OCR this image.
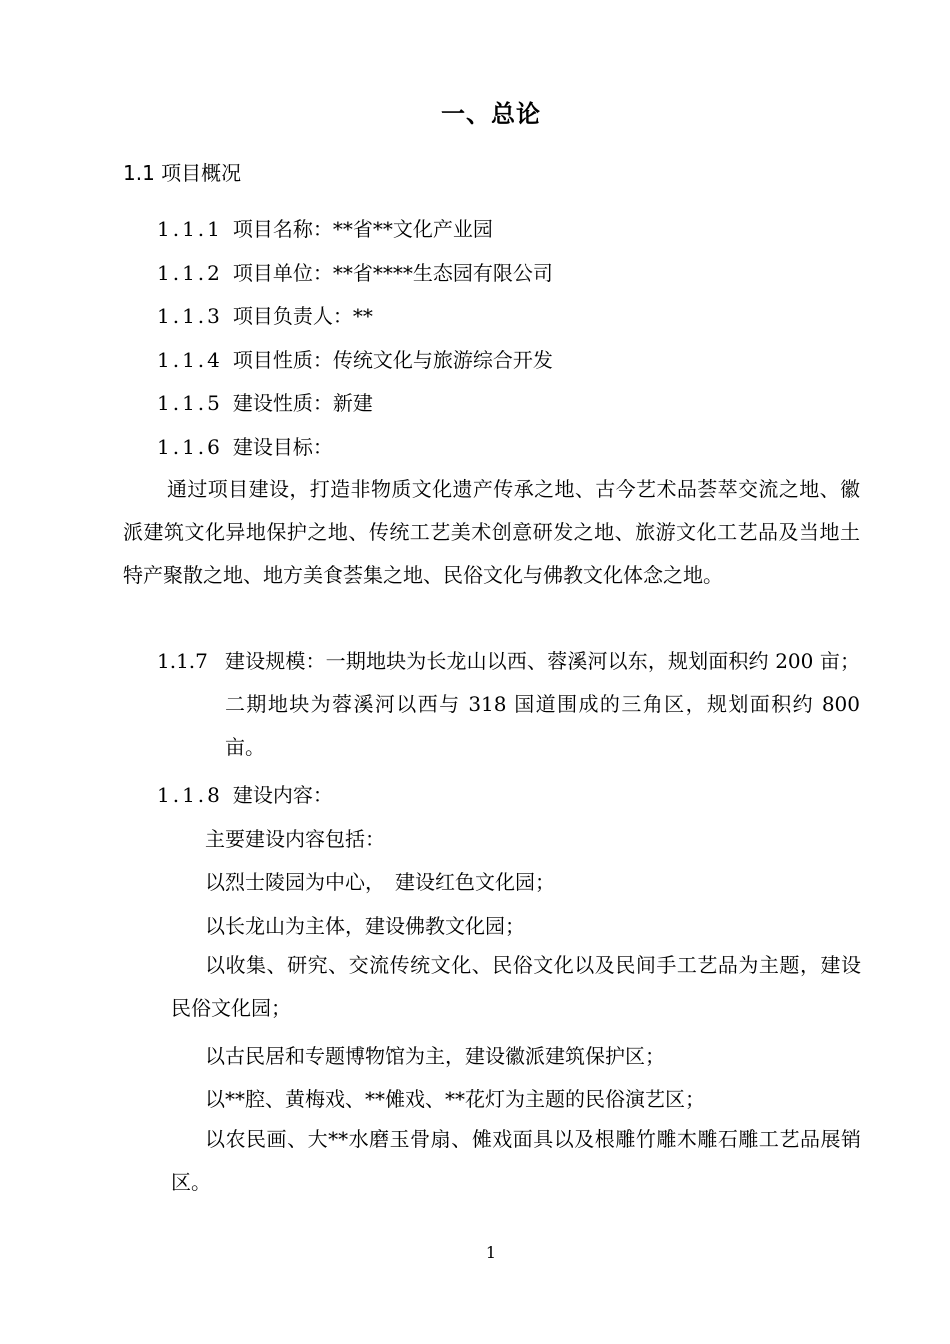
一、总论
1.1 项目概况
1.1.1 项目名称：**省**文化产业园
1.1.2 项目单位：**省****生态园有限公司
1.1.3 项目负责人：**
1.1.4 项目性质：传统文化与旅游综合开发
1.1.5 建设性质：新建
1.1.6 建设目标：
通过项目建设，打造非物质文化遗产传承之地、古今艺术品荟萃交流之地、徽派建筑文化异地保护之地、传统工艺美术创意研发之地、旅游文化工艺品及当地土特产聚散之地、地方美食荟集之地、民俗文化与佛教文化体念之地。
1.1.7 建设规模：一期地块为长龙山以西、蓉溪河以东，规划面积约 200 亩；二期地块为蓉溪河以西与 318 国道围成的三角区，规划面积约 800 亩。
1.1.8 建设内容：
主要建设内容包括：
以烈士陵园为中心，　建设红色文化园；
以长龙山为主体，建设佛教文化园；
以收集、研究、交流传统文化、民俗文化以及民间手工艺品为主题，建设民俗文化园；
以古民居和专题博物馆为主，建设徽派建筑保护区；
以**腔、黄梅戏、**傩戏、**花灯为主题的民俗演艺区；
以农民画、大**水磨玉骨扇、傩戏面具以及根雕竹雕木雕石雕工艺品展销区。
1
